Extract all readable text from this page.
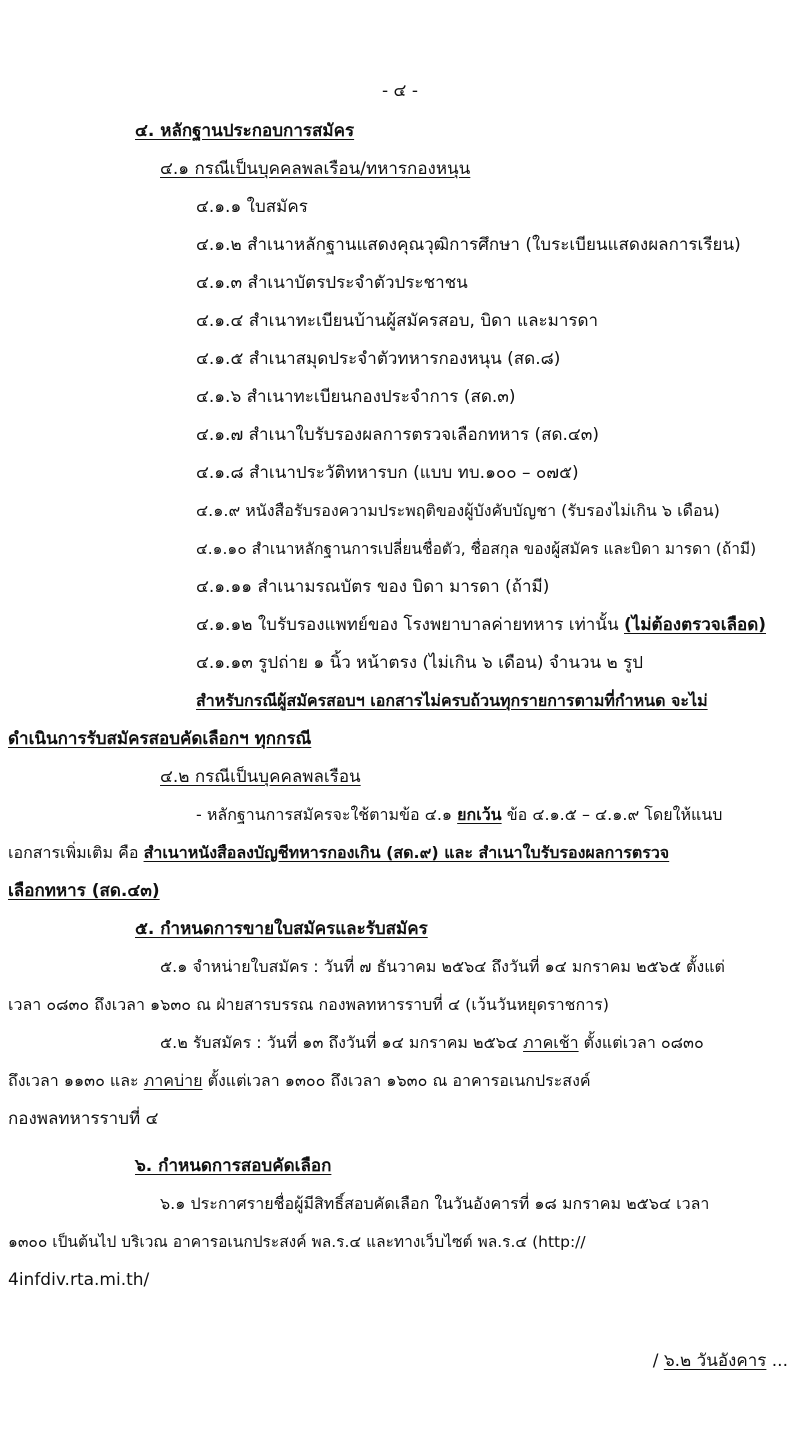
- ๔ -
๔. หลักฐานประกอบการสมัคร
๔.๑ กรณีเป็นบุคคลพลเรือน/ทหารกองหนุน
๔.๑.๑ ใบสมัคร
๔.๑.๒ สำเนาหลักฐานแสดงคุณวุฒิการศึกษา (ใบระเบียนแสดงผลการเรียน)
๔.๑.๓ สำเนาบัตรประจำตัวประชาชน
๔.๑.๔ สำเนาทะเบียนบ้านผู้สมัครสอบ, บิดา และมารดา
๔.๑.๕ สำเนาสมุดประจำตัวทหารกองหนุน (สด.๘)
๔.๑.๖ สำเนาทะเบียนกองประจำการ (สด.๓)
๔.๑.๗ สำเนาใบรับรองผลการตรวจเลือกทหาร (สด.๔๓)
๔.๑.๘ สำเนาประวัติทหารบก (แบบ ทบ.๑๐๐ – ๐๗๕)
๔.๑.๙ หนังสือรับรองความประพฤติของผู้บังคับบัญชา (รับรองไม่เกิน ๖ เดือน)
๔.๑.๑๐ สำเนาหลักฐานการเปลี่ยนชื่อตัว, ชื่อสกุล ของผู้สมัคร และบิดา มารดา (ถ้ามี)
๔.๑.๑๑ สำเนามรณบัตร ของ บิดา มารดา (ถ้ามี)
๔.๑.๑๒ ใบรับรองแพทย์ของ โรงพยาบาลค่ายทหาร เท่านั้น (ไม่ต้องตรวจเลือด)
๔.๑.๑๓ รูปถ่าย ๑ นิ้ว หน้าตรง (ไม่เกิน ๖ เดือน) จำนวน ๒ รูป
สำหรับกรณีผู้สมัครสอบฯ เอกสารไม่ครบถ้วนทุกรายการตามที่กำหนด จะไม่
ดำเนินการรับสมัครสอบคัดเลือกฯ ทุกกรณี
๔.๒ กรณีเป็นบุคคลพลเรือน
- หลักฐานการสมัครจะใช้ตามข้อ ๔.๑ ยกเว้น ข้อ ๔.๑.๕ – ๔.๑.๙ โดยให้แนบ
เอกสารเพิ่มเติม คือ สำเนาหนังสือลงบัญชีทหารกองเกิน (สด.๙) และ สำเนาใบรับรองผลการตรวจ
เลือกทหาร (สด.๔๓)
๕. กำหนดการขายใบสมัครและรับสมัคร
๕.๑ จำหน่ายใบสมัคร : วันที่ ๗ ธันวาคม ๒๕๖๔ ถึงวันที่ ๑๔ มกราคม ๒๕๖๕ ตั้งแต่
เวลา ๐๘๓๐ ถึงเวลา ๑๖๓๐ ณ ฝ่ายสารบรรณ กองพลทหารราบที่ ๔ (เว้นวันหยุดราชการ)
๕.๒ รับสมัคร : วันที่ ๑๓ ถึงวันที่ ๑๔ มกราคม ๒๕๖๔ ภาคเช้า ตั้งแต่เวลา ๐๘๓๐
ถึงเวลา ๑๑๓๐ และ ภาคบ่าย ตั้งแต่เวลา ๑๓๐๐ ถึงเวลา ๑๖๓๐ ณ อาคารอเนกประสงค์
กองพลทหารราบที่ ๔
๖. กำหนดการสอบคัดเลือก
๖.๑ ประกาศรายชื่อผู้มีสิทธิ์สอบคัดเลือก ในวันอังคารที่ ๑๘ มกราคม ๒๕๖๔ เวลา
๑๓๐๐ เป็นต้นไป บริเวณ อาคารอเนกประสงค์ พล.ร.๔ และทางเว็บไซต์ พล.ร.๔ (http://
4infdiv.rta.mi.th/
/ ๖.๒ วันอังคาร ...
